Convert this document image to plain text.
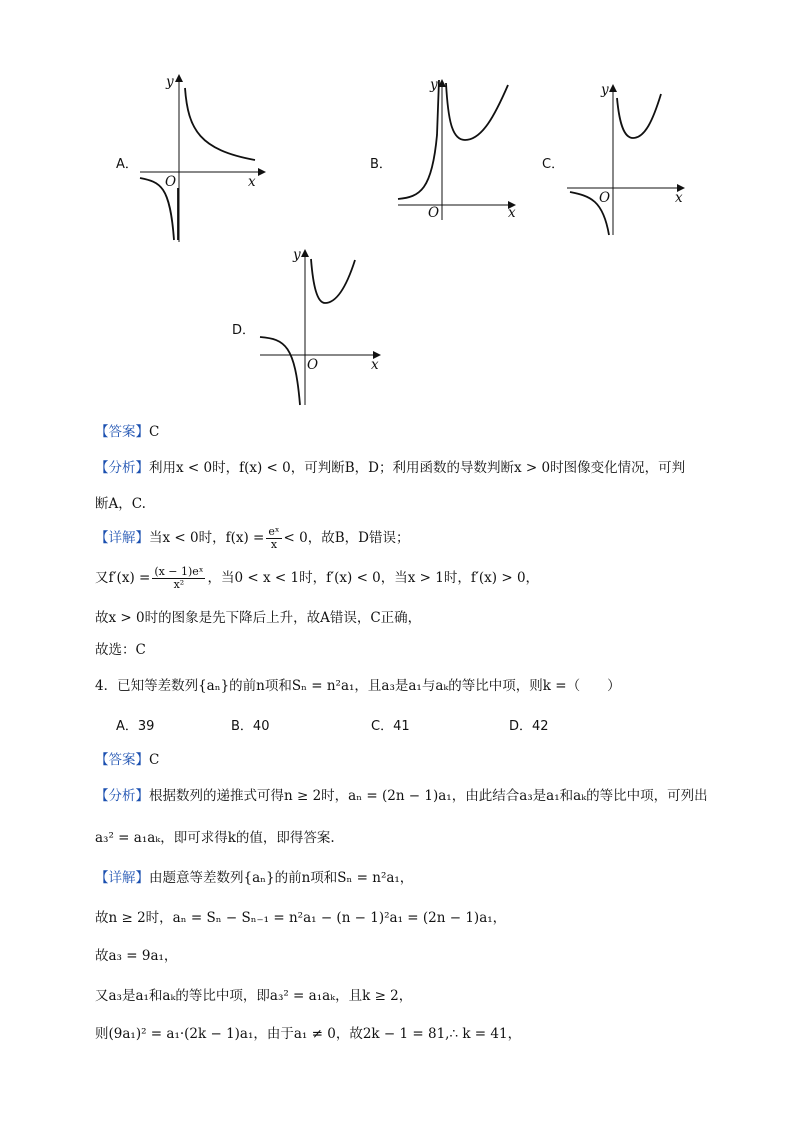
A．
y
x
O
B．
y
x
O
C．
y
x
O
D．
y
x
O
【答案】C
【分析】利用x < 0时，f(x) < 0，可判断B，D；利用函数的导数判断x > 0时图像变化情况，可判
断A，C.
【详解】当x < 0时，$f(x) = \frac{\text{eˣ}}{x} < 0$，故B，D错误；
又$f'(x) = \frac{\text{(x − 1)eˣ}}{\text{x²}}$ ，当0 < x < 1时，f′(x) < 0，当x > 1时，f′(x) > 0，
故x > 0时的图象是先下降后上升，故A错误，C正确，
故选：C
4．已知等差数列{aₙ}的前n项和Sₙ = n²a₁，且a₃是a₁与aₖ的等比中项，则k =（　　）
A．39	B．40	C．41	D．42
【答案】C
【分析】根据数列的递推式可得n ≥ 2时，aₙ = (2n − 1)a₁，由此结合a₃是a₁和aₖ的等比中项，可列出
a₃² = a₁aₖ，即可求得k的值，即得答案.
【详解】由题意等差数列{aₙ}的前n项和Sₙ = n²a₁，
故n ≥ 2时，aₙ = Sₙ − Sₙ₋₁ = n²a₁ − (n − 1)²a₁ = (2n − 1)a₁，
故a₃ = 9a₁，
又a₃是a₁和aₖ的等比中项，即a₃² = a₁aₖ，且k ≥ 2，
则(9a₁)² = a₁·(2k − 1)a₁，由于a₁ ≠ 0，故2k − 1 = 81,∴ k = 41，
